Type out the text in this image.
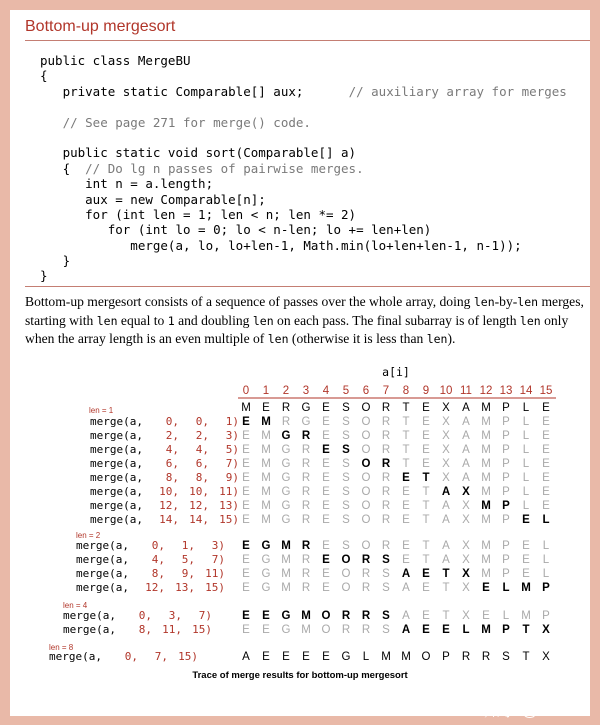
Bottom-up mergesort
public class MergeBU
{
private static Comparable[] aux;      // auxiliary array for merges
// See page 271 for merge() code.
public static void sort(Comparable[] a)
{  // Do lg n passes of pairwise merges.
int n = a.length;
aux = new Comparable[n];
for (int len = 1; len < n; len *= 2)
for (int lo = 0; lo < n-len; lo += len+len)
merge(a, lo, lo+len-1, Math.min(lo+len+len-1, n-1));
}
}
Bottom-up mergesort consists of a sequence of passes over the whole array, doing len-by-len merges, starting with len equal to 1 and doubling len on each pass. The final subarray is of length len only when the array length is an even multiple of len (otherwise it is less than len).
a[i]
0 1 2 3 4 5 6 7 8 9 10 11 12 13 14 15
len = 1	M E R G E S O R T E X A M P L E
merge(a, 0, 0, 1) E M R G E S O R T E X A M P L E
merge(a, 2, 2, 3) E M G R E S O R T E X A M P L E
merge(a, 4, 4, 5) E M G R E S O R T E X A M P L E
merge(a, 6, 6, 7) E M G R E S O R T E X A M P L E
merge(a, 8, 8, 9) E M G R E S O R E T X A M P L E
merge(a, 10, 10, 11) E M G R E S O R E T A X M P L E
merge(a, 12, 12, 13) E M G R E S O R E T A X M P L E
merge(a, 14, 14, 15) E M G R E S O R E T A X M P E L
len = 2
merge(a, 0, 1, 3) E G M R E S O R E T A X M P E L
merge(a, 4, 5, 7) E G M R E O R S E T A X M P E L
merge(a, 8, 9, 11) E G M R E O R S A E T X M P E L
merge(a, 12, 13, 15) E G M R E O R S A E T X E L M P
len = 4
merge(a, 0, 3, 7)	E E G M O R R S A E T X E L M P
merge(a, 8, 11, 15)	E E G M O R R S A E E L M P T X
len = 8
merge(a, 0, 7, 15)	A E E E E G L M M O P R R S T X
Trace of merge results for bottom-up mergesort
知乎 @Jason
